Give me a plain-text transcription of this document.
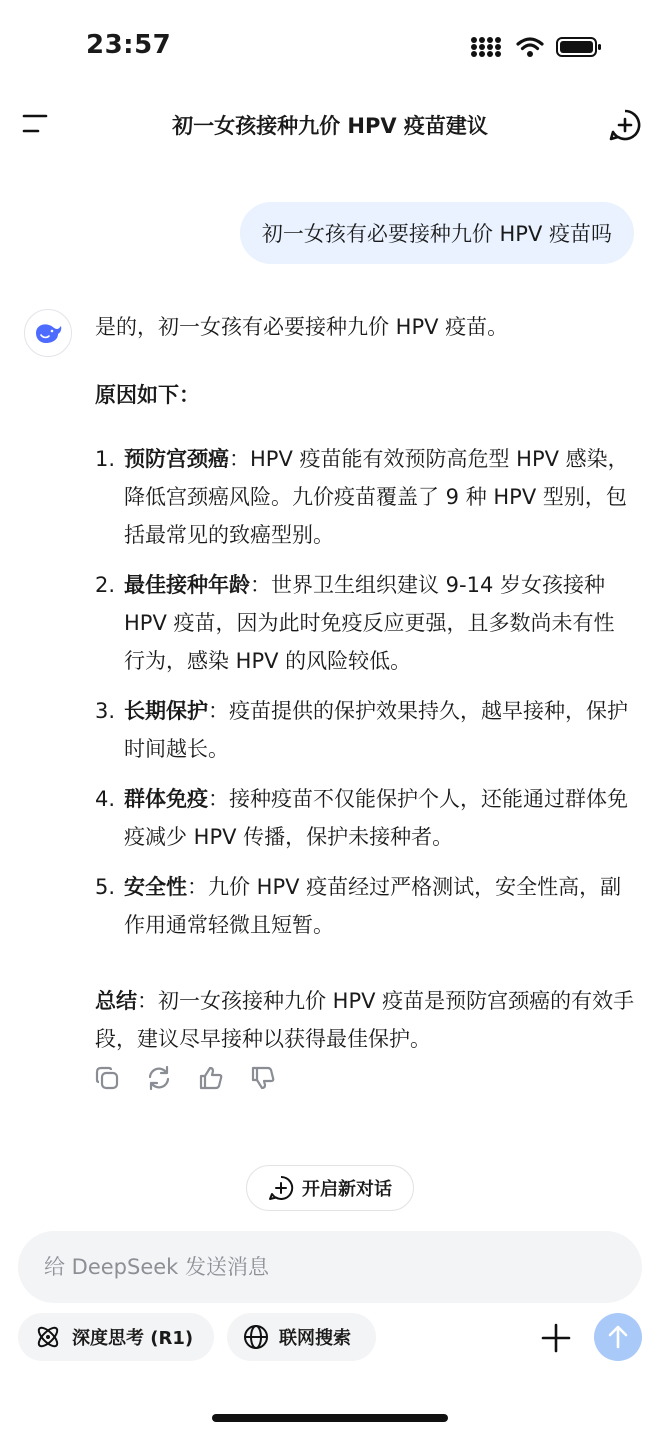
23:57
初一女孩接种九价 HPV 疫苗建议
初一女孩有必要接种九价 HPV 疫苗吗

是的，初一女孩有必要接种九价 HPV 疫苗。

原因如下：

1. 预防宫颈癌：HPV 疫苗能有效预防高危型 HPV 感染，降低宫颈癌风险。九价疫苗覆盖了 9 种 HPV 型别，包括最常见的致癌型别。
2. 最佳接种年龄：世界卫生组织建议 9-14 岁女孩接种 HPV 疫苗，因为此时免疫反应更强，且多数尚未有性行为，感染 HPV 的风险较低。
3. 长期保护：疫苗提供的保护效果持久，越早接种，保护时间越长。
4. 群体免疫：接种疫苗不仅能保护个人，还能通过群体免疫减少 HPV 传播，保护未接种者。
5. 安全性：九价 HPV 疫苗经过严格测试，安全性高，副作用通常轻微且短暂。

总结：初一女孩接种九价 HPV 疫苗是预防宫颈癌的有效手段，建议尽早接种以获得最佳保护。

开启新对话
给 DeepSeek 发送消息
深度思考 (R1)	联网搜索
